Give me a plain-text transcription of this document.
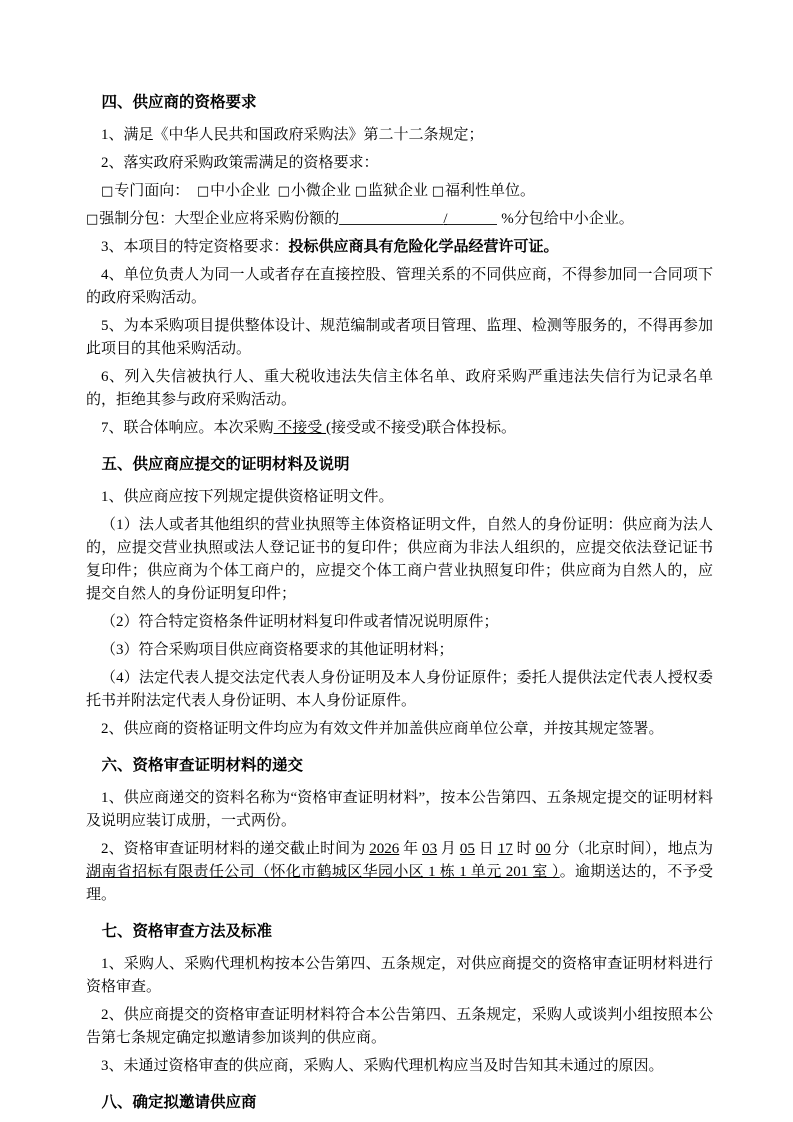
四、供应商的资格要求

1、满足《中华人民共和国政府采购法》第二十二条规定；

2、落实政府采购政策需满足的资格要求：

□专门面向：  □中小企业  □小微企业 □监狱企业 □福利性单位。

□强制分包：大型企业应将采购份额的	/	%分包给中小企业。

3、本项目的特定资格要求：投标供应商具有危险化学品经营许可证。

4、单位负责人为同一人或者存在直接控股、管理关系的不同供应商，不得参加同一合同项下的政府采购活动。

5、为本采购项目提供整体设计、规范编制或者项目管理、监理、检测等服务的，不得再参加此项目的其他采购活动。

6、列入失信被执行人、重大税收违法失信主体名单、政府采购严重违法失信行为记录名单的，拒绝其参与政府采购活动。

7、联合体响应。本次采购 不接受 (接受或不接受)联合体投标。

五、供应商应提交的证明材料及说明

1、供应商应按下列规定提供资格证明文件。

（1）法人或者其他组织的营业执照等主体资格证明文件，自然人的身份证明：供应商为法人的，应提交营业执照或法人登记证书的复印件；供应商为非法人组织的，应提交依法登记证书复印件；供应商为个体工商户的，应提交个体工商户营业执照复印件；供应商为自然人的，应提交自然人的身份证明复印件；

（2）符合特定资格条件证明材料复印件或者情况说明原件；

（3）符合采购项目供应商资格要求的其他证明材料；

（4）法定代表人提交法定代表人身份证明及本人身份证原件；委托人提供法定代表人授权委托书并附法定代表人身份证明、本人身份证原件。

2、供应商的资格证明文件均应为有效文件并加盖供应商单位公章，并按其规定签署。

六、资格审查证明材料的递交

1、供应商递交的资料名称为“资格审查证明材料”，按本公告第四、五条规定提交的证明材料及说明应装订成册，一式两份。

2、资格审查证明材料的递交截止时间为 2026 年 03 月 05 日 17 时 00 分（北京时间），地点为湖南省招标有限责任公司（怀化市鹤城区华园小区 1 栋 1 单元 201 室 ）。逾期送达的，不予受理。

七、资格审查方法及标准

1、采购人、采购代理机构按本公告第四、五条规定，对供应商提交的资格审查证明材料进行资格审查。

2、供应商提交的资格审查证明材料符合本公告第四、五条规定，采购人或谈判小组按照本公告第七条规定确定拟邀请参加谈判的供应商。

3、未通过资格审查的供应商，采购人、采购代理机构应当及时告知其未通过的原因。

八、确定拟邀请供应商
